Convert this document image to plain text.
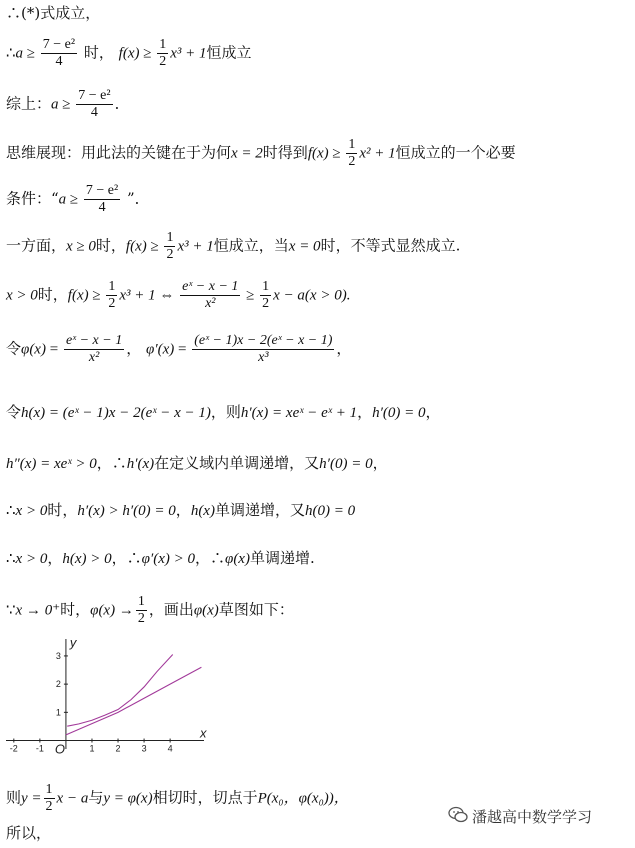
∴(*)式成立，
∴a ≥ $\frac{\text{7 − e²}}{4}$ 时， $f(x) \ge \frac{1}{2} x^3 + 1$恒成立
综上：$a \ge \frac{\text{7 − e²}}{4}$ ．
思维展现：用此法的关键在于为何x = 2时得到$f(x) \ge \frac{1}{2} x^2 + 1$恒成立的一个必要
条件：“$a \ge \frac{\text{7 − e²}}{4}$ ”．
一方面，x ≥ 0时，$f(x) \ge \frac{1}{2} x^3 + 1$恒成立，当x = 0时，不等式显然成立.
x > 0时，$f(x) \ge \frac{1}{2} x^3 + 1$ ⇔ $\frac{\text{eˣ − x − 1}}{\text{x²}} \ge \frac{1}{2}$ x − a(x > 0).
令$\varphi(x) = \frac{\text{eˣ − x − 1}}{\text{x²}}$ ， $\varphi'(x) = \frac{\text{(eˣ − 1)x − 2(eˣ − x − 1)}}{\text{x³}}$ ，
令h(x) = (eˣ − 1)x − 2(eˣ − x − 1)，则h′(x) = xeˣ − eˣ + 1，h′(0) = 0，
h″(x) = xeˣ > 0，∴h′(x)在定义域内单调递增，又h′(0) = 0，
∴x > 0时，h′(x) > h′(0) = 0，h(x)单调递增，又h(0) = 0
∴x > 0，h(x) > 0，∴φ′(x) > 0，∴φ(x)单调递增.
∵x → 0⁺时，$\varphi(x) \to \frac{1}{2}$ ，画出φ(x)草图如下：
-2 -1	1 2 3 4
1
2
3
x
y
O
则$y = \frac{1}{2}$ x − a与y = φ(x)相切时，切点于P(x₀，φ(x₀))，
所以，
潘越高中数学学习
